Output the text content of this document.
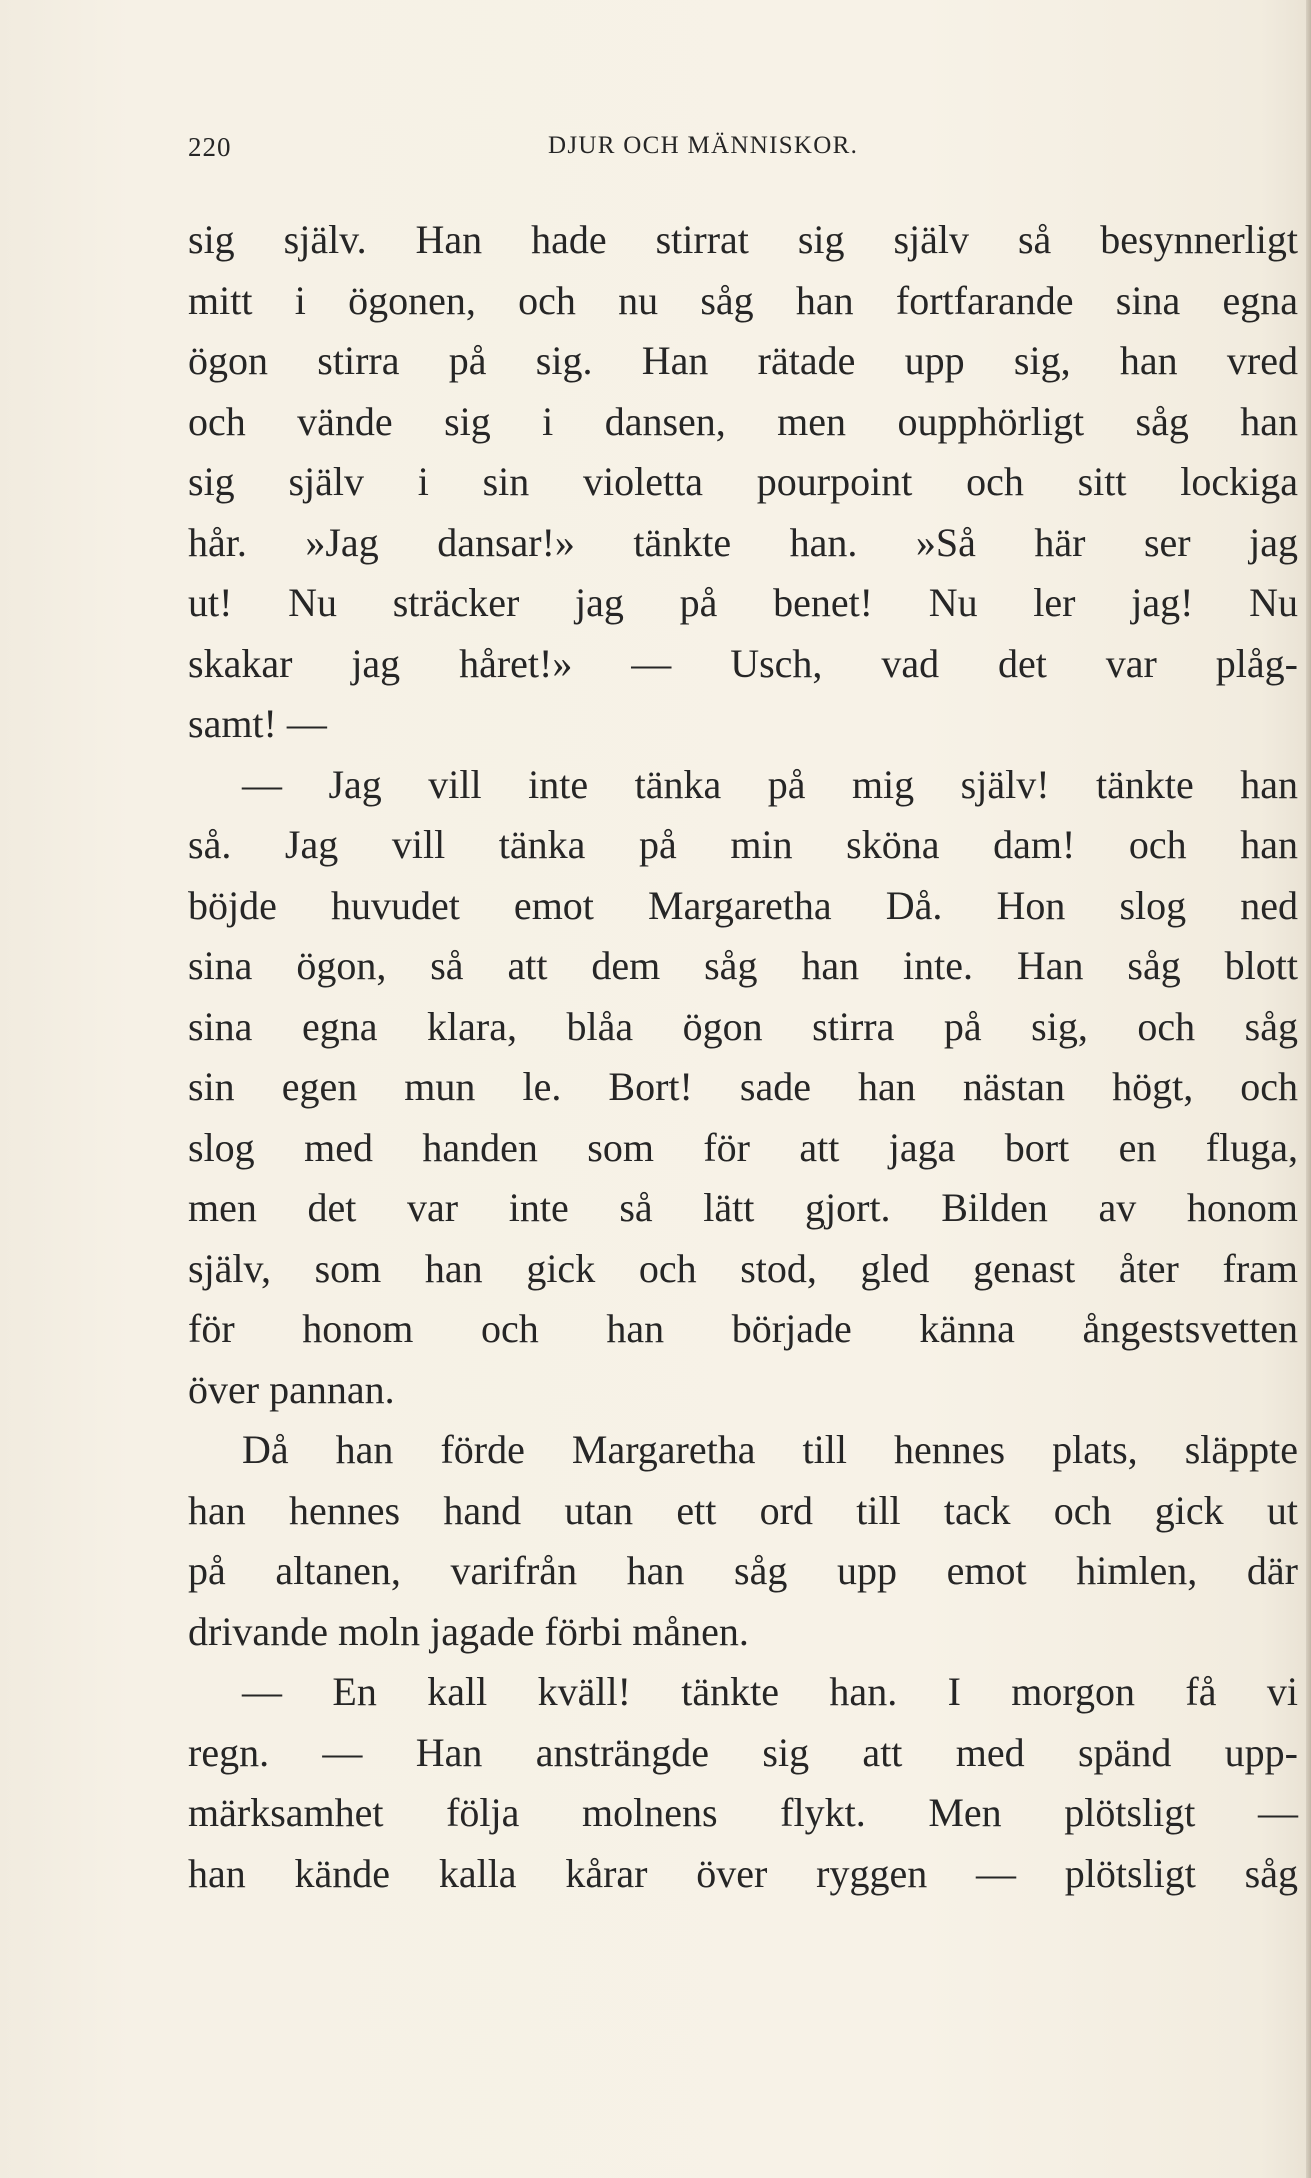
220	DJUR OCH MÄNNISKOR.
sig själv. Han hade stirrat sig själv så besynnerligt
mitt i ögonen, och nu såg han fortfarande sina egna
ögon stirra på sig. Han rätade upp sig, han vred
och vände sig i dansen, men oupphörligt såg han
sig själv i sin violetta pourpoint och sitt lockiga
hår. »Jag dansar!» tänkte han. »Så här ser jag
ut! Nu sträcker jag på benet! Nu ler jag! Nu
skakar jag håret!» — Usch, vad det var plåg-
samt! —
— Jag vill inte tänka på mig själv! tänkte han
så. Jag vill tänka på min sköna dam! och han
böjde huvudet emot Margaretha Då. Hon slog ned
sina ögon, så att dem såg han inte. Han såg blott
sina egna klara, blåa ögon stirra på sig, och såg
sin egen mun le. Bort! sade han nästan högt, och
slog med handen som för att jaga bort en fluga,
men det var inte så lätt gjort. Bilden av honom
själv, som han gick och stod, gled genast åter fram
för honom och han började känna ångestsvetten
över pannan.
Då han förde Margaretha till hennes plats, släppte
han hennes hand utan ett ord till tack och gick ut
på altanen, varifrån han såg upp emot himlen, där
drivande moln jagade förbi månen.
— En kall kväll! tänkte han. I morgon få vi
regn. — Han ansträngde sig att med spänd upp-
märksamhet följa molnens flykt. Men plötsligt —
han kände kalla kårar över ryggen — plötsligt såg
